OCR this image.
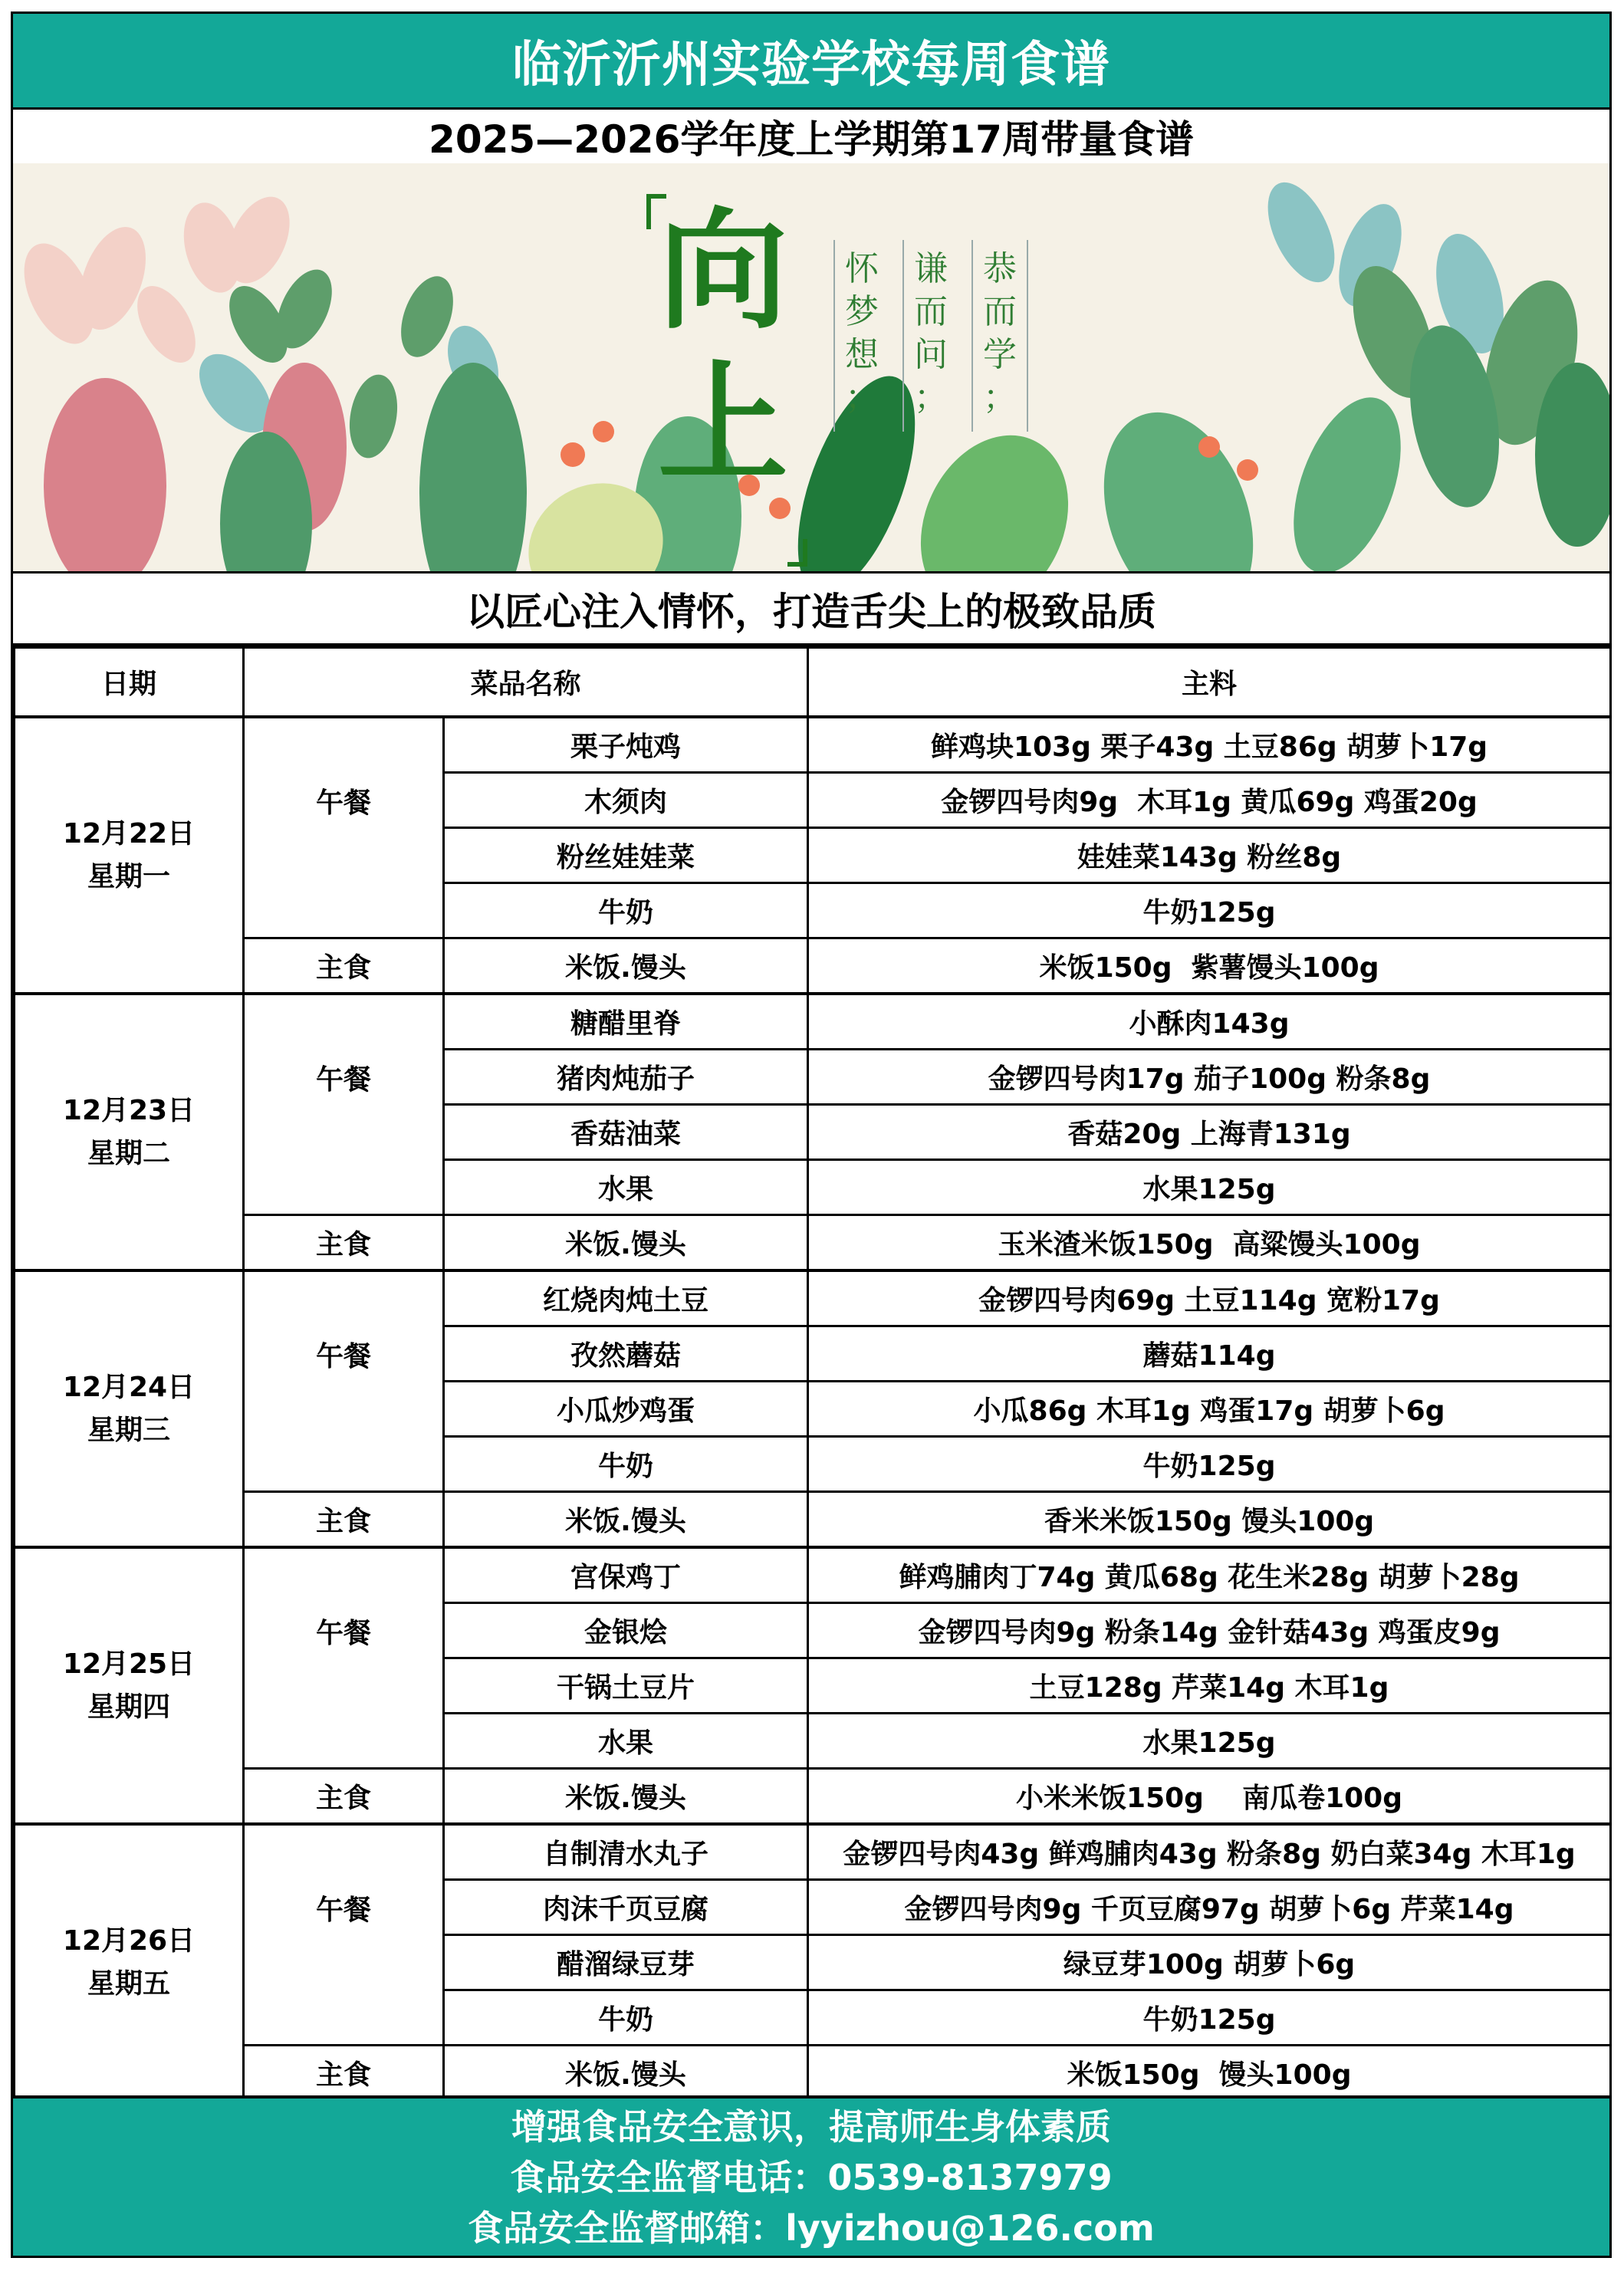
临沂沂州实验学校每周食谱
2025—2026学年度上学期第17周带量食谱
向
上
怀
梦
想
；
谦
而
问
；
恭
而
学
；
以匠心注入情怀，打造舌尖上的极致品质
日期	菜品名称		主料

12月22日
星期一	午餐	栗子炖鸡	鲜鸡块103g 栗子43g 土豆86g 胡萝卜17g
		木须肉	金锣四号肉9g  木耳1g 黄瓜69g 鸡蛋20g
		粉丝娃娃菜	娃娃菜143g 粉丝8g
		牛奶	牛奶125g
	主食	米饭.馒头	米饭150g  紫薯馒头100g

12月23日
星期二	午餐	糖醋里脊	小酥肉143g
		猪肉炖茄子	金锣四号肉17g 茄子100g 粉条8g
		香菇油菜	香菇20g 上海青131g
		水果	水果125g
	主食	米饭.馒头	玉米渣米饭150g  高粱馒头100g

12月24日
星期三	午餐	红烧肉炖土豆	金锣四号肉69g 土豆114g 宽粉17g
		孜然蘑菇	蘑菇114g
		小瓜炒鸡蛋	小瓜86g 木耳1g 鸡蛋17g 胡萝卜6g
		牛奶	牛奶125g
	主食	米饭.馒头	香米米饭150g 馒头100g

12月25日
星期四	午餐	宫保鸡丁	鲜鸡脯肉丁74g 黄瓜68g 花生米28g 胡萝卜28g
		金银烩	金锣四号肉9g 粉条14g 金针菇43g 鸡蛋皮9g
		干锅土豆片	土豆128g 芹菜14g 木耳1g
		水果	水果125g
	主食	米饭.馒头	小米米饭150g    南瓜卷100g

12月26日
星期五	午餐	自制清水丸子	金锣四号肉43g 鲜鸡脯肉43g 粉条8g 奶白菜34g 木耳1g
		肉沫千页豆腐	金锣四号肉9g 千页豆腐97g 胡萝卜6g 芹菜14g
		醋溜绿豆芽	绿豆芽100g 胡萝卜6g
		牛奶	牛奶125g
	主食	米饭.馒头	米饭150g  馒头100g
增强食品安全意识，提高师生身体素质
食品安全监督电话：0539-8137979
食品安全监督邮箱：lyyizhou@126.com
